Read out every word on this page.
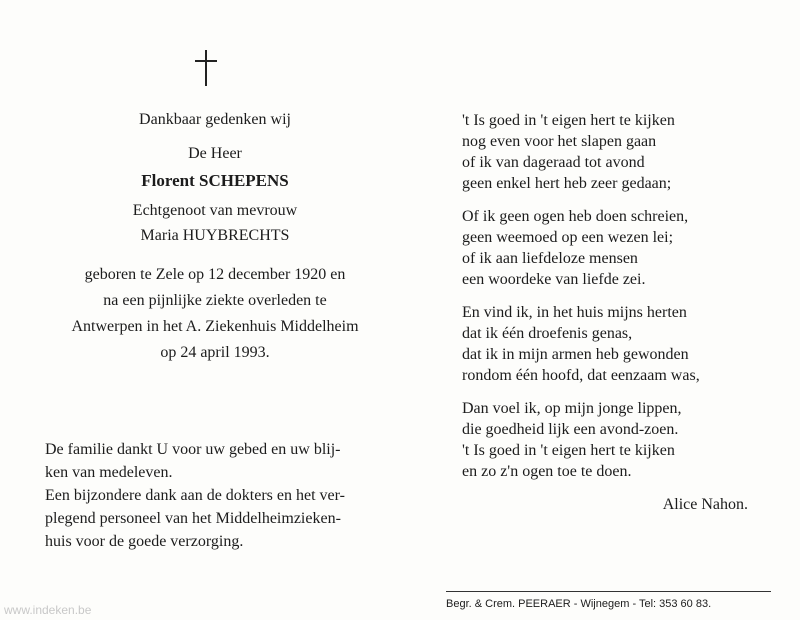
Dankbaar gedenken wij
De Heer
Florent SCHEPENS
Echtgenoot van mevrouw
Maria HUYBRECHTS
geboren te Zele op 12 december 1920 en
na een pijnlijke ziekte overleden te
Antwerpen in het A. Ziekenhuis Middelheim
op 24 april 1993.
De familie dankt U voor uw gebed en uw blij-
ken van medeleven.
Een bijzondere dank aan de dokters en het ver-
plegend personeel van het Middelheimzieken-
huis voor de goede verzorging.
't Is goed in 't eigen hert te kijken
nog even voor het slapen gaan
of ik van dageraad tot avond
geen enkel hert heb zeer gedaan;
Of ik geen ogen heb doen schreien,
geen weemoed op een wezen lei;
of ik aan liefdeloze mensen
een woordeke van liefde zei.
En vind ik, in het huis mijns herten
dat ik één droefenis genas,
dat ik in mijn armen heb gewonden
rondom één hoofd, dat eenzaam was,
Dan voel ik, op mijn jonge lippen,
die goedheid lijk een avond-zoen.
't Is goed in 't eigen hert te kijken
en zo z'n ogen toe te doen.
Alice Nahon.
Begr. & Crem. PEERAER - Wijnegem - Tel: 353 60 83.
www.indeken.be
